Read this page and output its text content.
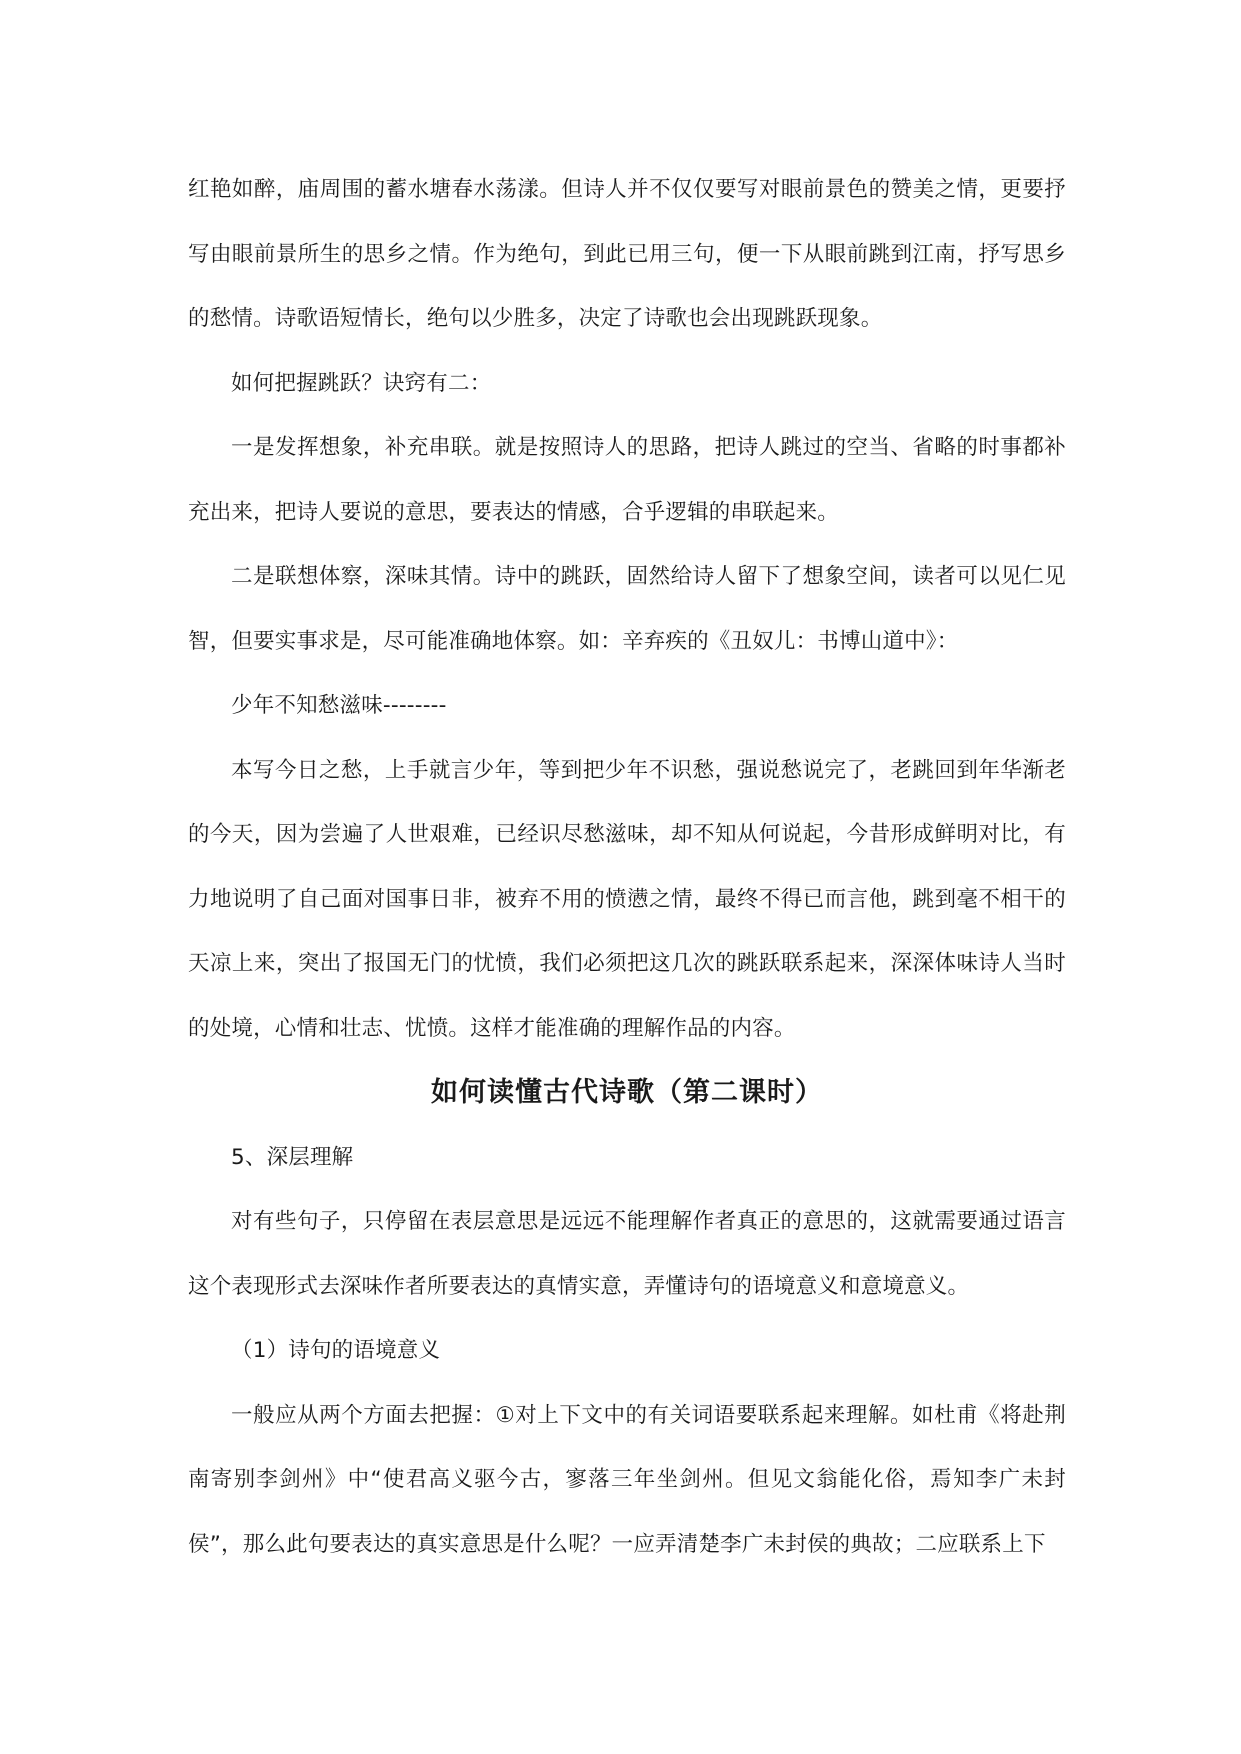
红艳如醉，庙周围的蓄水塘春水荡漾。但诗人并不仅仅要写对眼前景色的赞美之情，更要抒写由眼前景所生的思乡之情。作为绝句，到此已用三句，便一下从眼前跳到江南，抒写思乡的愁情。诗歌语短情长，绝句以少胜多，决定了诗歌也会出现跳跃现象。

如何把握跳跃？诀窍有二：

一是发挥想象，补充串联。就是按照诗人的思路，把诗人跳过的空当、省略的时事都补充出来，把诗人要说的意思，要表达的情感，合乎逻辑的串联起来。

二是联想体察，深味其情。诗中的跳跃，固然给诗人留下了想象空间，读者可以见仁见智，但要实事求是，尽可能准确地体察。如：辛弃疾的《丑奴儿：书博山道中》：

少年不知愁滋味--------

本写今日之愁，上手就言少年，等到把少年不识愁，强说愁说完了，老跳回到年华渐老的今天，因为尝遍了人世艰难，已经识尽愁滋味，却不知从何说起，今昔形成鲜明对比，有力地说明了自己面对国事日非，被弃不用的愤懑之情，最终不得已而言他，跳到毫不相干的天凉上来，突出了报国无门的忧愤，我们必须把这几次的跳跃联系起来，深深体味诗人当时的处境，心情和壮志、忧愤。这样才能准确的理解作品的内容。

如何读懂古代诗歌（第二课时）

5、深层理解

对有些句子，只停留在表层意思是远远不能理解作者真正的意思的，这就需要通过语言这个表现形式去深味作者所要表达的真情实意，弄懂诗句的语境意义和意境意义。

（1）诗句的语境意义

一般应从两个方面去把握：①对上下文中的有关词语要联系起来理解。如杜甫《将赴荆南寄别李剑州》中“使君高义驱今古，寥落三年坐剑州。但见文翁能化俗，焉知李广未封侯”，那么此句要表达的真实意思是什么呢？一应弄清楚李广未封侯的典故；二应联系上下
